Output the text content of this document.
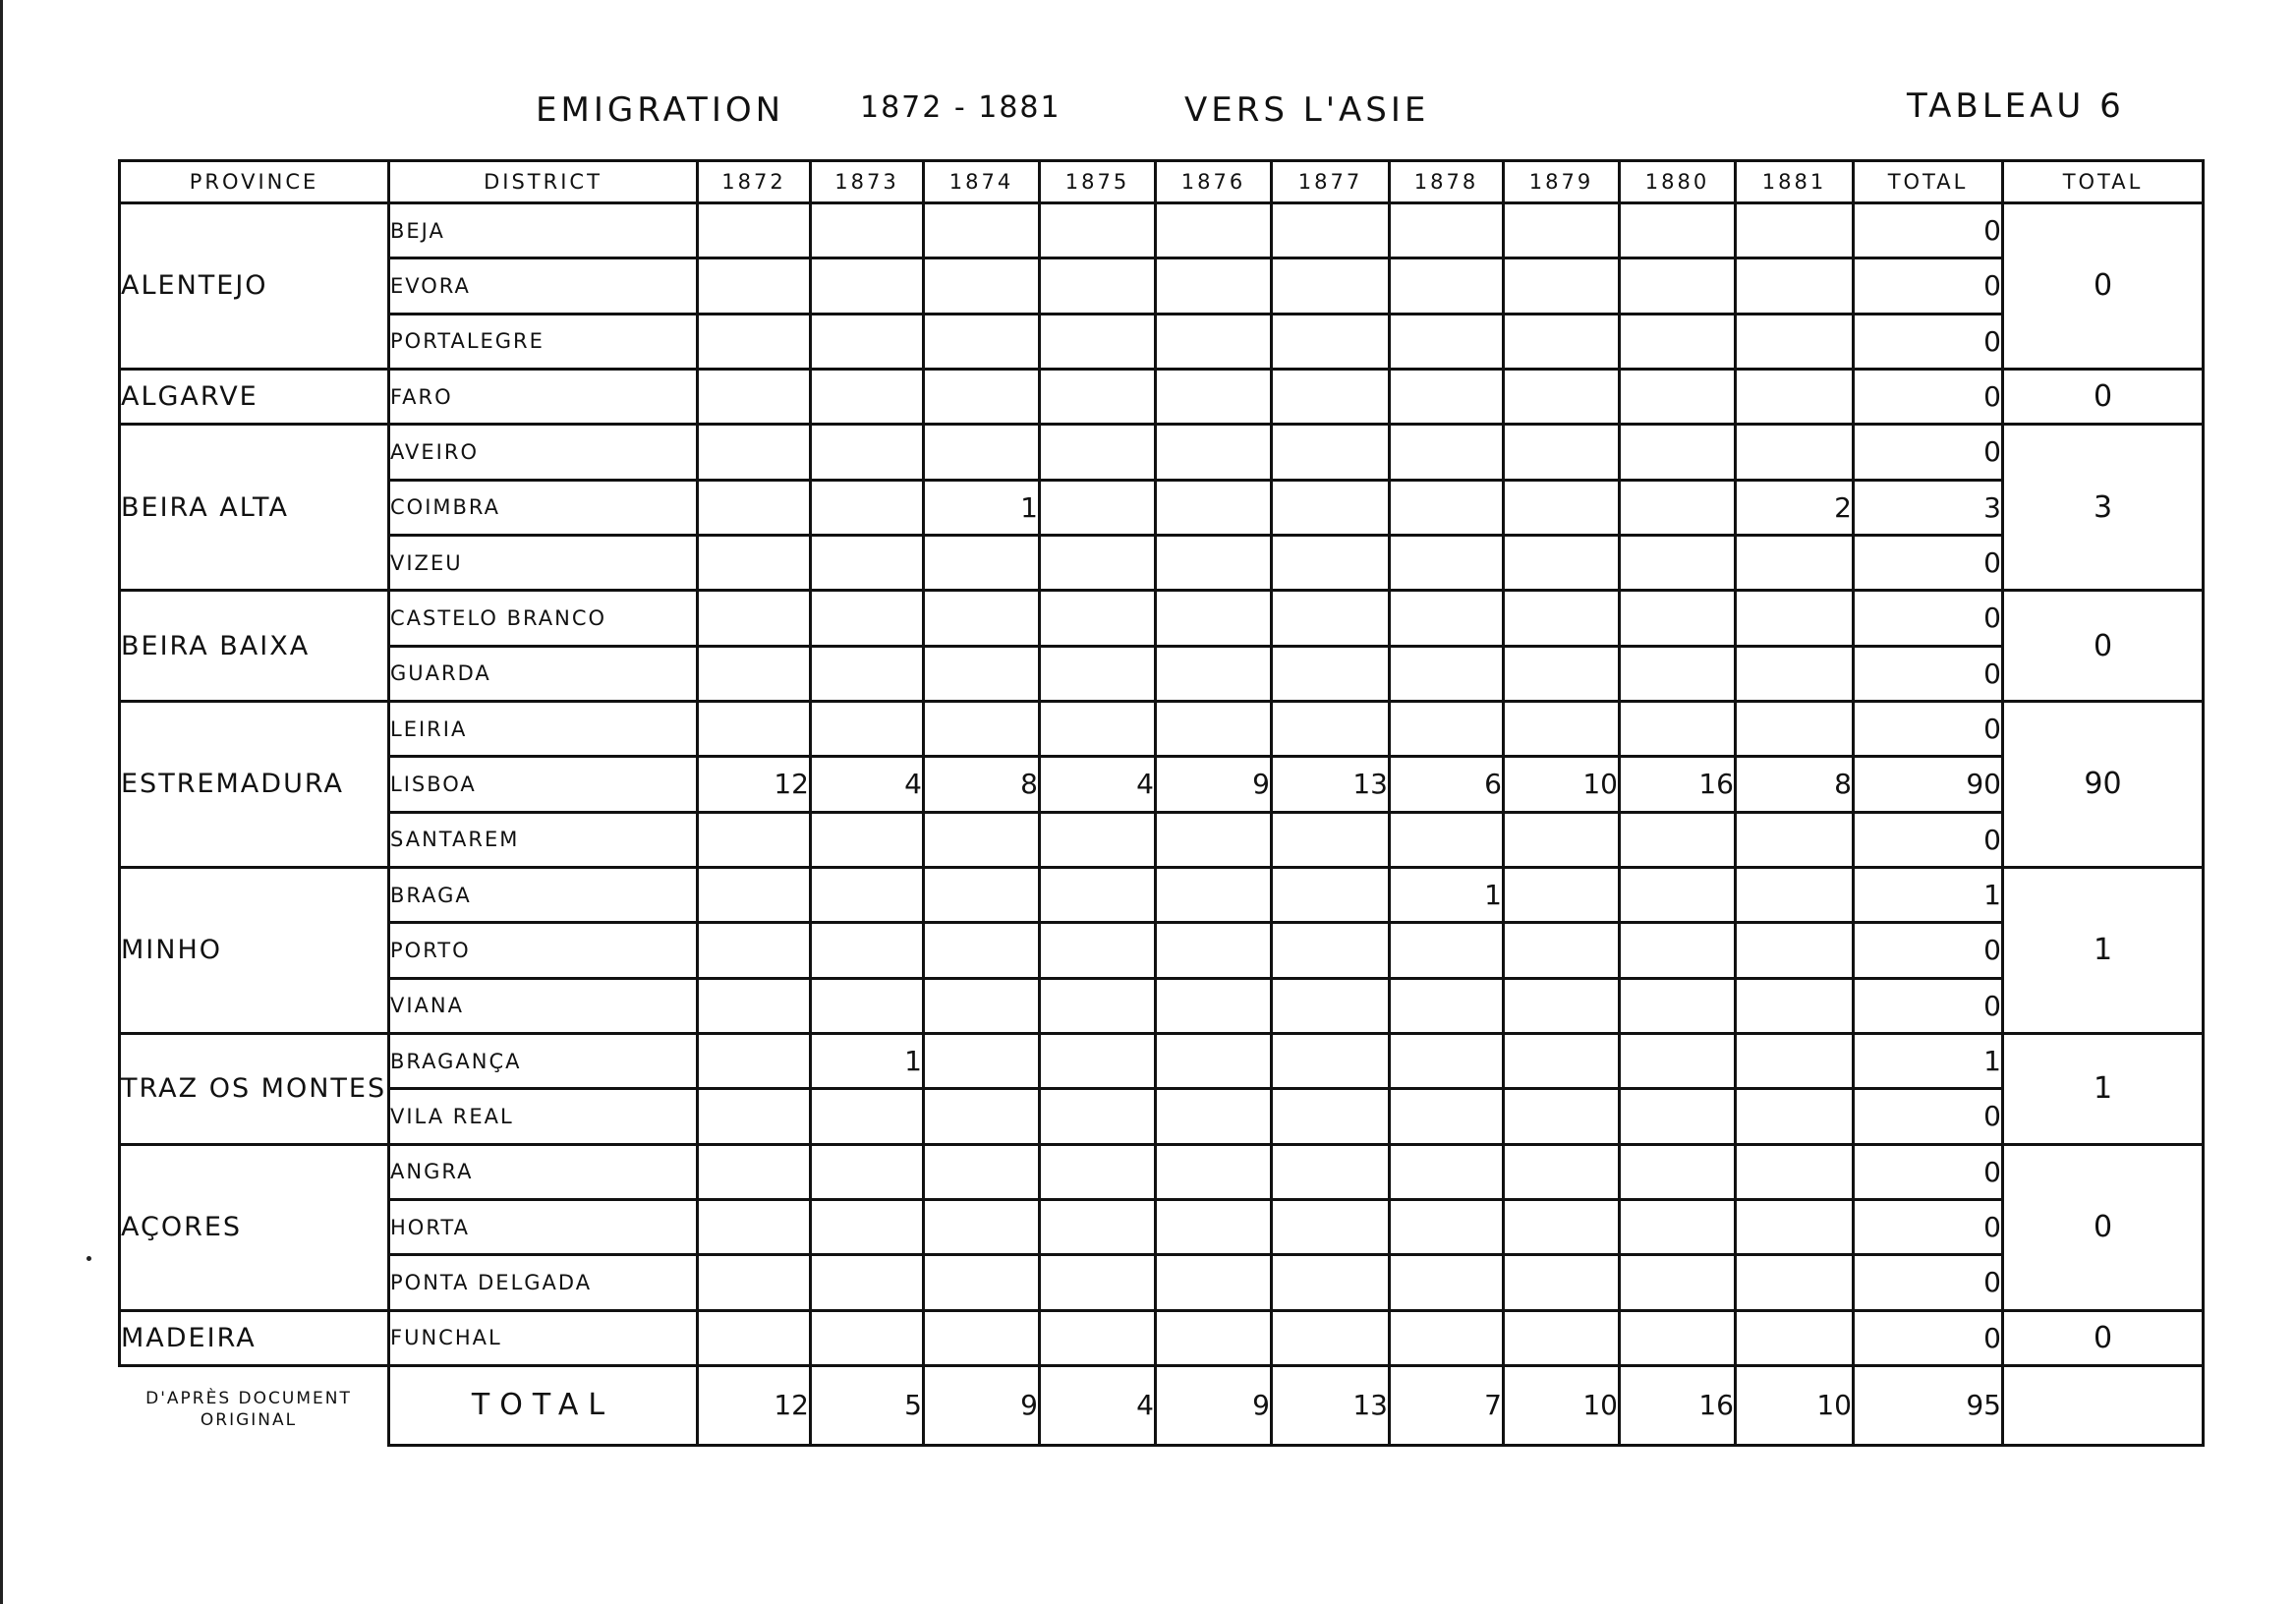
EMIGRATION	1872 - 1881	VERS L'ASIE	TABLEAU 6
PROVINCE	DISTRICT	1872	1873	1874	1875	1876	1877	1878	1879	1880	1881	TOTAL	TOTAL
ALENTEJO	BEJA											0	0
	EVORA											0	
	PORTALEGRE											0	
ALGARVE	FARO											0	0
BEIRA ALTA	AVEIRO											0	3
	COIMBRA			1							2	3	
	VIZEU											0	
BEIRA BAIXA	CASTELO BRANCO											0	0
	GUARDA											0	
ESTREMADURA	LEIRIA											0	90
	LISBOA	12	4	8	4	9	13	6	10	16	8	90	
	SANTAREM											0	
MINHO	BRAGA							1				1	1
	PORTO											0	
	VIANA											0	
TRAZ OS MONTES	BRAGANÇA		1									1	1
	VILA REAL											0	
AÇORES	ANGRA											0	0
	HORTA											0	
	PONTA DELGADA											0	
MADEIRA	FUNCHAL											0	0
	TOTAL	12	5	9	4	9	13	7	10	16	10	95	
D'APRÈS DOCUMENT
ORIGINAL
